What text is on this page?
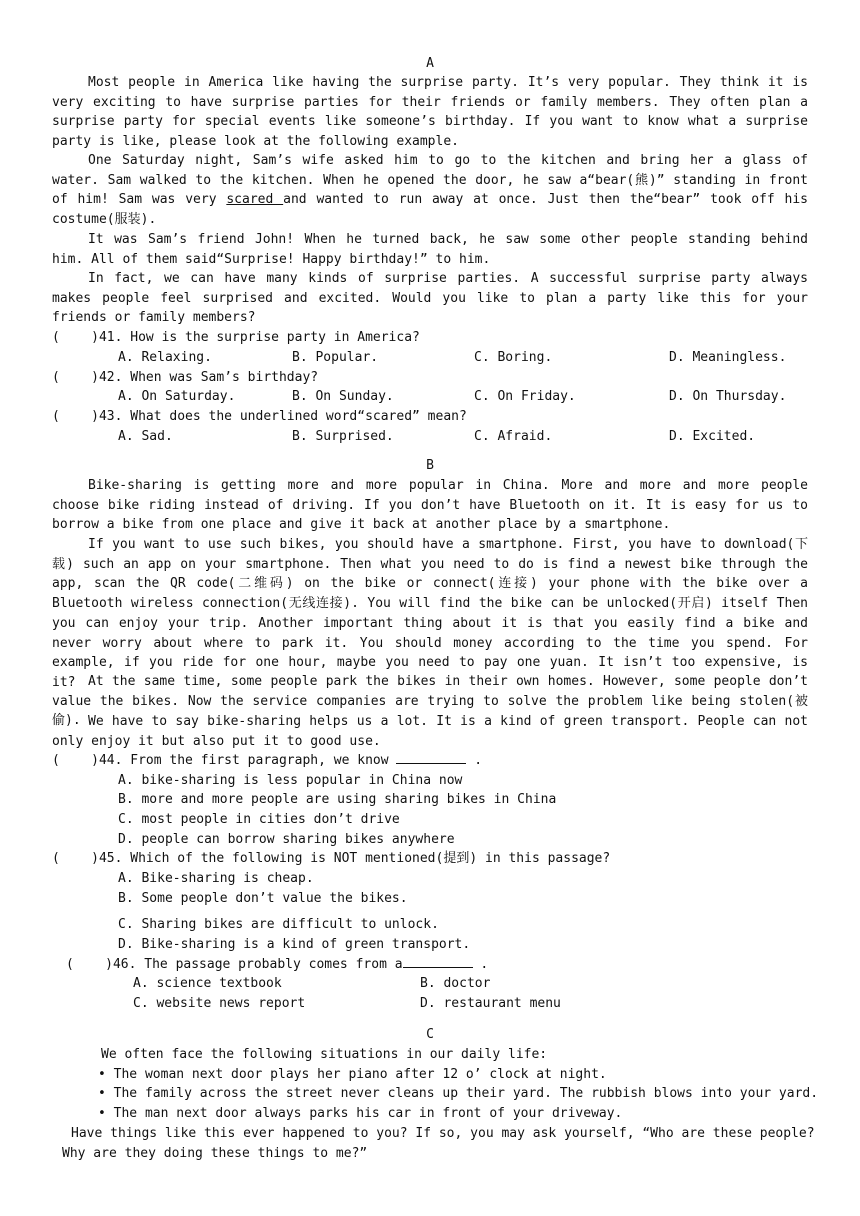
A

Most people in America like having the surprise party. It’s very popular. They think it is very exciting to have surprise parties for their friends or family members. They often plan a surprise party for special events like someone’s birthday. If you want to know what a surprise party is like, please look at the following example.

One Saturday night, Sam’s wife asked him to go to the kitchen and bring her a glass of water. Sam walked to the kitchen. When he opened the door, he saw a“bear(熊)” standing in front of him! Sam was very scared and wanted to run away at once. Just then the“bear” took off his costume(服装).

It was Sam’s friend John! When he turned back, he saw some other people standing behind him. All of them said“Surprise! Happy birthday!” to him.

In fact, we can have many kinds of surprise parties. A successful surprise party always makes people feel surprised and excited. Would you like to plan a party like this for your friends or family members?

(    )41. How is the surprise party in America?
A. Relaxing.	B. Popular.	C. Boring.	D. Meaningless.
(    )42. When was Sam’s birthday?
A. On Saturday.	B. On Sunday.	C. On Friday.	D. On Thursday.
(    )43. What does the underlined word“scared” mean?
A. Sad.	B. Surprised.	C. Afraid.	D. Excited.
B

Bike-sharing is getting more and more popular in China. More and more and more people choose bike riding instead of driving. If you don’t have Bluetooth on it. It is easy for us to borrow a bike from one place and give it back at another place by a smartphone.

If you want to use such bikes, you should have a smartphone. First, you have to download(下载) such an app on your smartphone. Then what you need to do is find a newest bike through the app, scan the QR code(二维码) on the bike or connect(连接) your phone with the bike over a Bluetooth wireless connection(无线连接). You will find the bike can be unlocked(开启) itself Then you can enjoy your trip. Another important thing about it is that you easily find a bike and never worry about where to park it. You should money according to the time you spend. For example, if you ride for one hour, maybe you need to pay one yuan. It isn’t too expensive, is it? At the same time, some people park the bikes in their own homes. However, some people don’t value the bikes. Now the service companies are trying to solve the problem like being stolen(被偷). We have to say bike-sharing helps us a lot. It is a kind of green transport. People can not only enjoy it but also put it to good use.

(    )44. From the first paragraph, we know	.
A. bike-sharing is less popular in China now
B. more and more people are using sharing bikes in China
C. most people in cities don’t drive
D. people can borrow sharing bikes anywhere
(    )45. Which of the following is NOT mentioned(提到) in this passage?
A. Bike-sharing is cheap.
B. Some people don’t value the bikes.
C. Sharing bikes are difficult to unlock.
D. Bike-sharing is a kind of green transport.
(    )46. The passage probably comes from a	.
A. science textbook	B. doctor
C. website news report	D. restaurant menu
C
We often face the following situations in our daily life:
• The woman next door plays her piano after 12 o’ clock at night.
• The family across the street never cleans up their yard. The rubbish blows into your yard.
• The man next door always parks his car in front of your driveway.
Have things like this ever happened to you? If so, you may ask yourself, “Who are these people?
Why are they doing these things to me?”
